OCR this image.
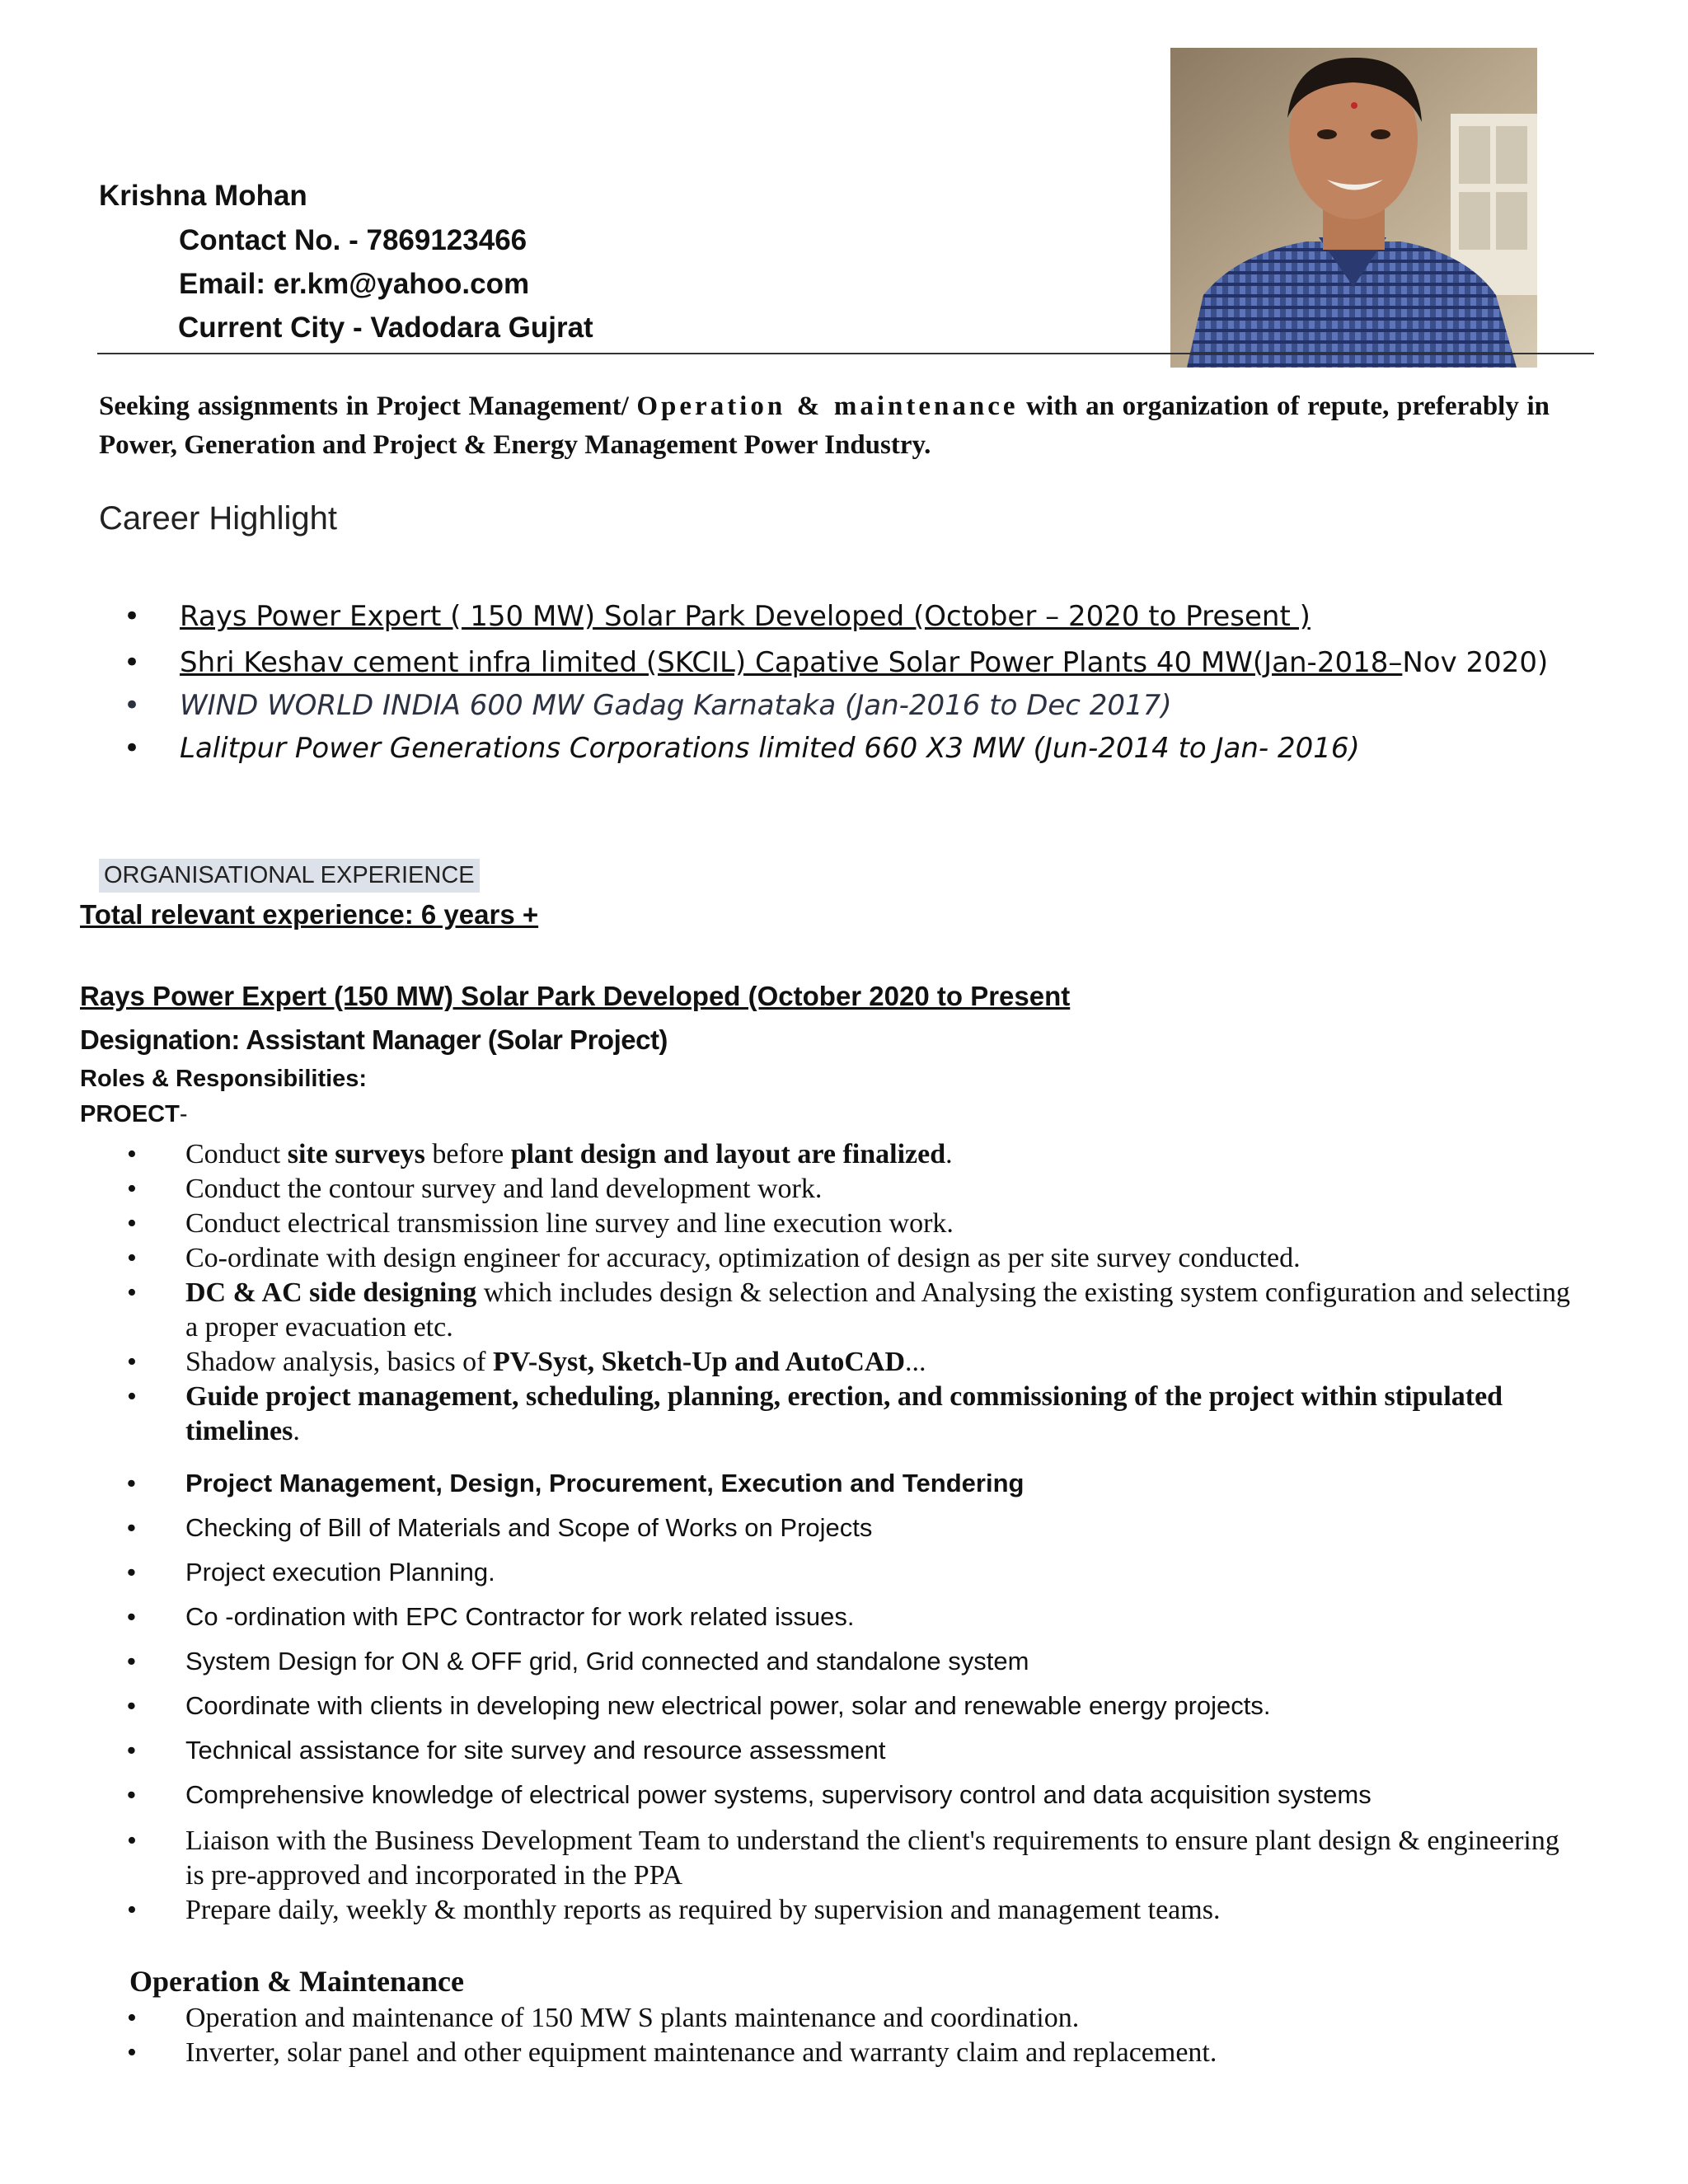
Krishna Mohan
Contact No. - 7869123466
Email: er.km@yahoo.com
Current City - Vadodara Gujrat
Seeking assignments in Project Management/ Operation & maintenance with an organization of repute, preferably in Power, Generation and Project & Energy Management Power Industry.
Career Highlight
• Rays Power Expert ( 150 MW) Solar Park Developed (October – 2020 to Present )
• Shri Keshav cement infra limited (SKCIL) Capative Solar Power Plants 40 MW(Jan-2018–Nov 2020)
• WIND WORLD INDIA 600 MW Gadag Karnataka (Jan-2016 to Dec 2017)
• Lalitpur Power Generations Corporations limited 660 X3 MW (Jun-2014 to Jan- 2016)
ORGANISATIONAL EXPERIENCE
Total relevant experience: 6 years +
Rays Power Expert (150 MW) Solar Park Developed (October 2020 to Present
Designation: Assistant Manager (Solar Project)
Roles & Responsibilities:
PROECT-
• Conduct site surveys before plant design and layout are finalized.
• Conduct the contour survey and land development work.
• Conduct electrical transmission line survey and line execution work.
• Co-ordinate with design engineer for accuracy, optimization of design as per site survey conducted.
• DC & AC side designing which includes design & selection and Analysing the existing system configuration and selecting a proper evacuation etc.
• Shadow analysis, basics of PV-Syst, Sketch-Up and AutoCAD...
• Guide project management, scheduling, planning, erection, and commissioning of the project within stipulated timelines.
• Project Management, Design, Procurement, Execution and Tendering
• Checking of Bill of Materials and Scope of Works on Projects
• Project execution Planning.
• Co -ordination with EPC Contractor for work related issues.
• System Design for ON & OFF grid, Grid connected and standalone system
• Coordinate with clients in developing new electrical power, solar and renewable energy projects.
• Technical assistance for site survey and resource assessment
• Comprehensive knowledge of electrical power systems, supervisory control and data acquisition systems
• Liaison with the Business Development Team to understand the client's requirements to ensure plant design & engineering is pre-approved and incorporated in the PPA
• Prepare daily, weekly & monthly reports as required by supervision and management teams.
Operation & Maintenance
• Operation and maintenance of 150 MW S plants maintenance and coordination.
• Inverter, solar panel and other equipment maintenance and warranty claim and replacement.
